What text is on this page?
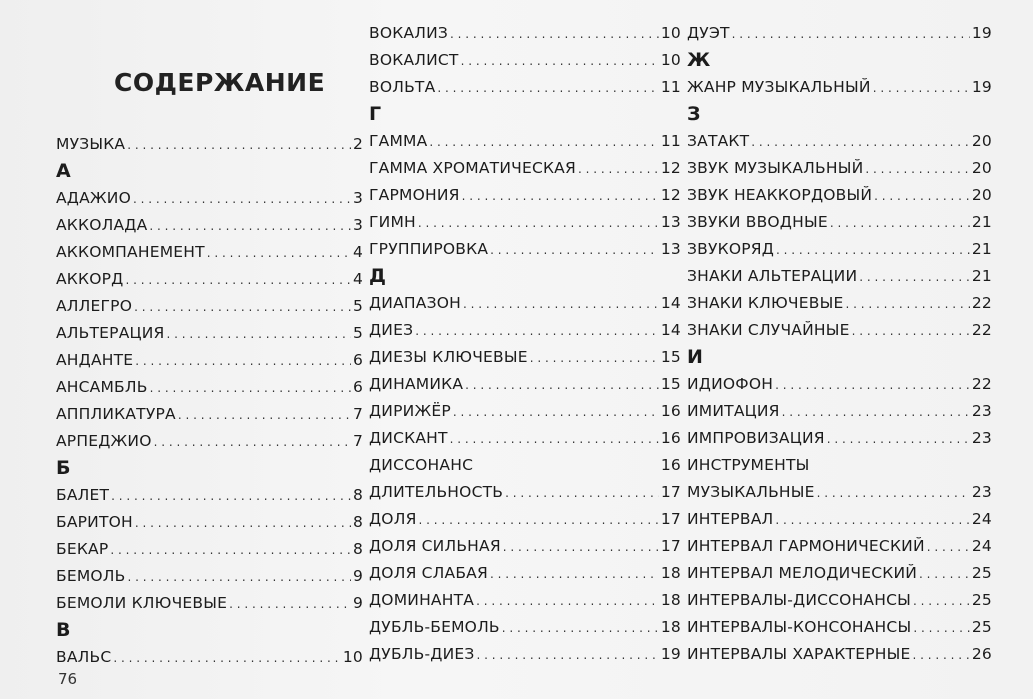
СОДЕРЖАНИЕ
МУЗЫКА . . .	2
А
АДАЖИО . . .	3
АККОЛАДА . . .	3
АККОМПАНЕМЕНТ . . .	4
АККОРД . . .	4
АЛЛЕГРО . . .	5
АЛЬТЕРАЦИЯ . . .	5
АНДАНТЕ . . .	6
АНСАМБЛЬ . . .	6
АППЛИКАТУРА . . .	7
АРПЕДЖИО . . .	7
Б
БАЛЕТ . . .	8
БАРИТОН . . .	8
БЕКАР . . .	8
БЕМОЛЬ . . .	9
БЕМОЛИ КЛЮЧЕВЫЕ . . .	9
В
ВАЛЬС . . .	10
ВОКАЛИЗ . . .	10
ВОКАЛИСТ . . .	10
ВОЛЬТА . . .	11
Г
ГАММА . . .	11
ГАММА ХРОМАТИЧЕСКАЯ . . .	12
ГАРМОНИЯ . . .	12
ГИМН . . .	13
ГРУППИРОВКА . . .	13
Д
ДИАПАЗОН . . .	14
ДИЕЗ . . .	14
ДИЕЗЫ КЛЮЧЕВЫЕ . . .	15
ДИНАМИКА . . .	15
ДИРИЖЁР . . .	16
ДИСКАНТ . . .	16
ДИССОНАНС	16
ДЛИТЕЛЬНОСТЬ . . .	17
ДОЛЯ . . .	17
ДОЛЯ СИЛЬНАЯ . . .	17
ДОЛЯ СЛАБАЯ . . .	18
ДОМИНАНТА . . .	18
ДУБЛЬ-БЕМОЛЬ . . .	18
ДУБЛЬ-ДИЕЗ . . .	19
ДУЭТ . . .	19
Ж
ЖАНР МУЗЫКАЛЬНЫЙ . . .	19
З
ЗАТАКТ . . .	20
ЗВУК МУЗЫКАЛЬНЫЙ . . .	20
ЗВУК НЕАККОРДОВЫЙ . . .	20
ЗВУКИ ВВОДНЫЕ . . .	21
ЗВУКОРЯД . . .	21
ЗНАКИ АЛЬТЕРАЦИИ . . .	21
ЗНАКИ КЛЮЧЕВЫЕ . . .	22
ЗНАКИ СЛУЧАЙНЫЕ . . .	22
И
ИДИОФОН . . .	22
ИМИТАЦИЯ . . .	23
ИМПРОВИЗАЦИЯ . . .	23
ИНСТРУМЕНТЫ
МУЗЫКАЛЬНЫЕ . . .	23
ИНТЕРВАЛ . . .	24
ИНТЕРВАЛ ГАРМОНИЧЕСКИЙ . . .	24
ИНТЕРВАЛ МЕЛОДИЧЕСКИЙ . . .	25
ИНТЕРВАЛЫ-ДИССОНАНСЫ . . .	25
ИНТЕРВАЛЫ-КОНСОНАНСЫ . . .	25
ИНТЕРВАЛЫ ХАРАКТЕРНЫЕ . . .	26
76
